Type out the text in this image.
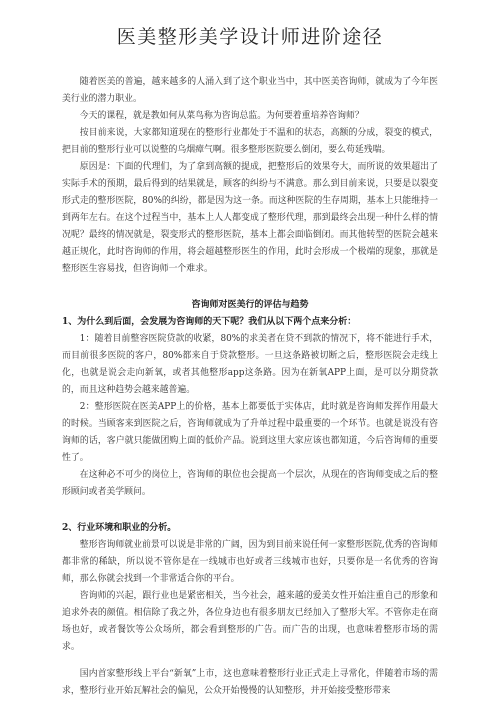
医美整形美学设计师进阶途径

随着医美的普遍，越来越多的人涌入到了这个职业当中，其中医美咨询师，就成为了今年医美行业的潜力职业。

今天的课程，就是教如何从菜鸟称为咨询总监。为何要着重培养咨询师？

按目前来说，大家都知道现在的整形行业都处于不温和的状态，高额的分成，裂变的模式，把目前的整形行业可以说整的乌烟瘴气啊。很多整形医院要么倒闭，要么苟延残喘。

原因是：下面的代理们，为了拿到高额的提成，把整形后的效果夸大，而所说的效果超出了实际手术的预期，最后得到的结果就是，顾客的纠纷与不满意。那么到目前来说，只要是以裂变形式走的整形医院，80%的纠纷，都是因为这一条。而这种医院的生存周期，基本上只能维持一到两年左右。在这个过程当中，基本上人人都变成了整形代理，那到最终会出现一种什么样的情况呢？最终的情况就是，裂变形式的整形医院，基本上都会面临倒闭。而其他转型的医院会越来越正规化，此时咨询师的作用，将会超越整形医生的作用，此时会形成一个极端的现象，那就是整形医生容易找，但咨询师一个难求。

咨询师对医美行的评估与趋势

1、为什么到后面，会发展为咨询师的天下呢？我们从以下两个点来分析：

1：随着目前整容医院贷款的收紧，80%的求美者在贷不到款的情况下，将不能进行手术，而目前很多医院的客户，80%都来自于贷款整形。一旦这条路被切断之后，整形医院会走线上化，也就是说会走向新氧，或者其他整形app这条路。因为在新氧APP上面，是可以分期贷款的，而且这种趋势会越来越普遍。

2：整形医院在医美APP上的价格，基本上都要低于实体店，此时就是咨询师发挥作用最大的时候。当顾客来到医院之后，咨询师就成为了升单过程中最重要的一个环节。也就是说没有咨询师的话，客户就只能做团购上面的低价产品。说到这里大家应该也都知道，今后咨询师的重要性了。

在这种必不可少的岗位上，咨询师的职位也会提高一个层次，从现在的咨询师变成之后的整形顾问或者美学顾问。

2、行业环境和职业的分析。

整形咨询师就业前景可以说是非常的广阔，因为到目前来说任何一家整形医院,优秀的咨询师都非常的稀缺，所以说不管你是在一线城市也好或者三线城市也好，只要你是一名优秀的咨询师，那么你就会找到一个非常适合你的平台。

咨询师的兴起，跟行业也是紧密相关，当今社会，越来越的爱美女性开始注重自己的形象和追求外表的颜值。相信除了我之外，各位身边也有很多朋友已经加入了整形大军。不管你走在商场也好，或者餐饮等公众场所，都会看到整形的广告。而广告的出现，也意味着整形市场的需求。

国内首家整形线上平台“新氧”上市，这也意味着整形行业正式走上寻常化，伴随着市场的需求，整形行业开始瓦解社会的偏见，公众开始慢慢的认知整形，并开始接受整形带来
